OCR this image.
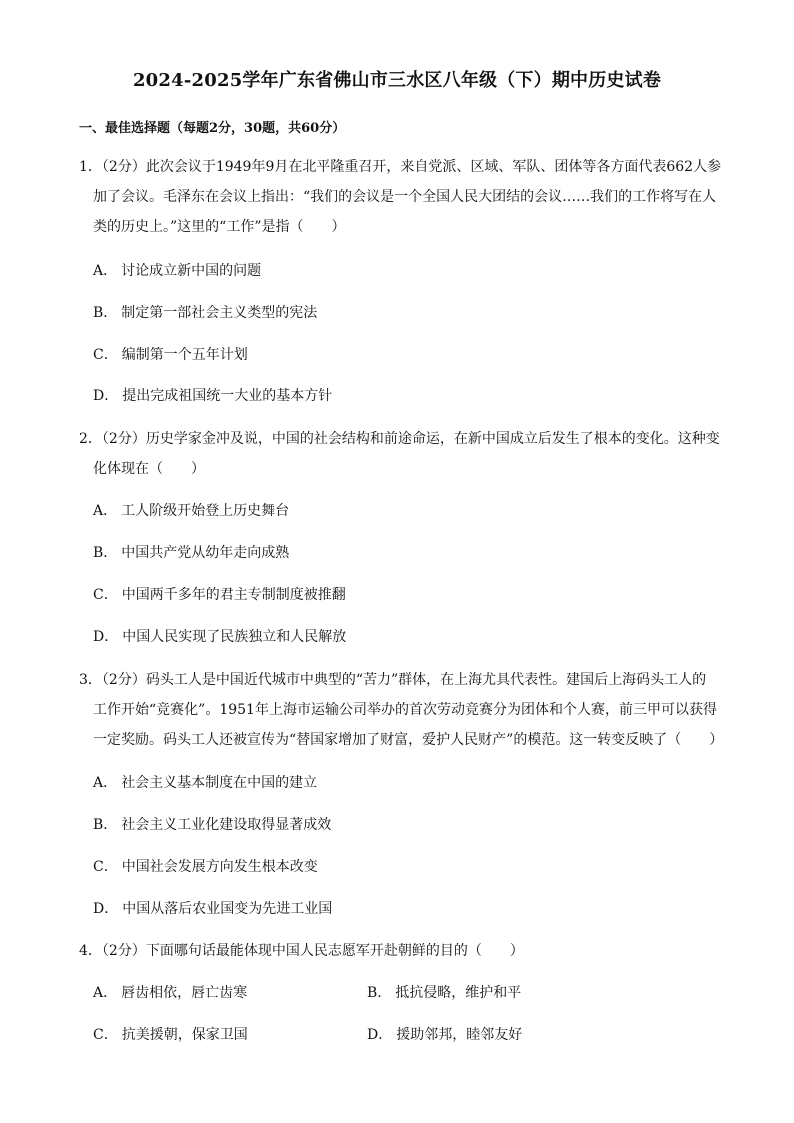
2024-2025学年广东省佛山市三水区八年级（下）期中历史试卷
一、最佳选择题（每题2分，30题，共60分）
1．（2分）此次会议于1949年9月在北平隆重召开，来自党派、区域、军队、团体等各方面代表662人参
加了会议。毛泽东在会议上指出：“我们的会议是一个全国人民大团结的会议……我们的工作将写在人
类的历史上。”这里的“工作”是指（　　）
A． 讨论成立新中国的问题
B． 制定第一部社会主义类型的宪法
C． 编制第一个五年计划
D． 提出完成祖国统一大业的基本方针
2．（2分）历史学家金冲及说，中国的社会结构和前途命运，在新中国成立后发生了根本的变化。这种变
化体现在（　　）
A． 工人阶级开始登上历史舞台
B． 中国共产党从幼年走向成熟
C． 中国两千多年的君主专制制度被推翻
D． 中国人民实现了民族独立和人民解放
3．（2分）码头工人是中国近代城市中典型的“苦力”群体，在上海尤具代表性。建国后上海码头工人的
工作开始“竞赛化”。1951年上海市运输公司举办的首次劳动竞赛分为团体和个人赛，前三甲可以获得
一定奖励。码头工人还被宣传为“替国家增加了财富，爱护人民财产”的模范。这一转变反映了（　　）
A． 社会主义基本制度在中国的建立
B． 社会主义工业化建设取得显著成效
C． 中国社会发展方向发生根本改变
D． 中国从落后农业国变为先进工业国
4．（2分）下面哪句话最能体现中国人民志愿军开赴朝鲜的目的（　　）
A． 唇齿相依，唇亡齿寒	B． 抵抗侵略，维护和平
C． 抗美援朝，保家卫国	D． 援助邻邦，睦邻友好
